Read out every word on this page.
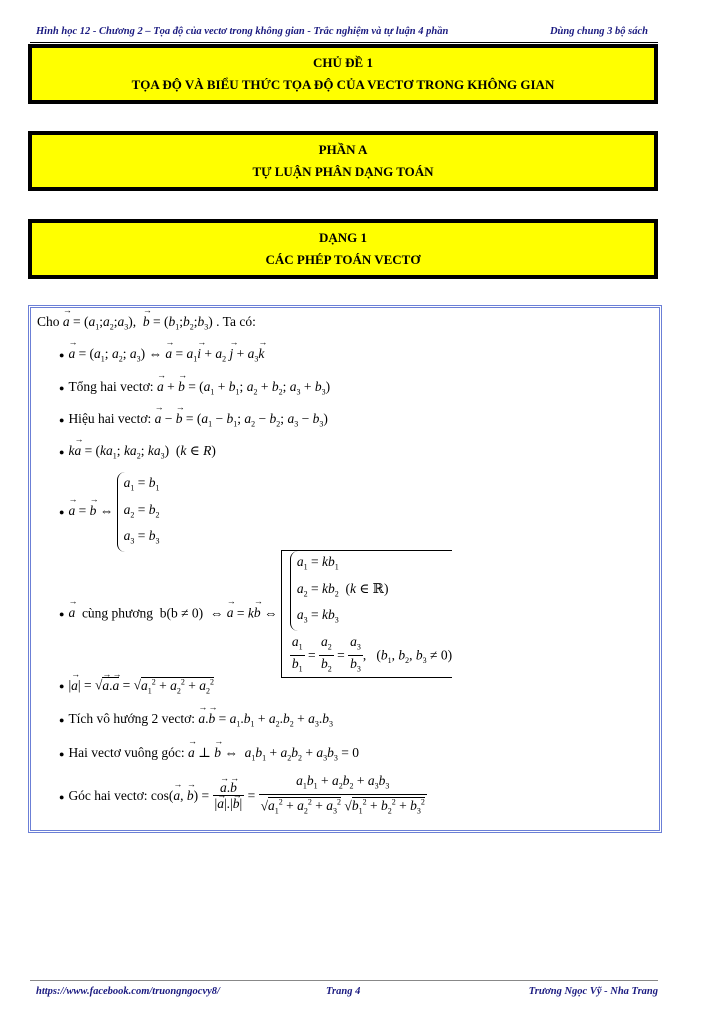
Hình học 12 - Chương 2 – Tọa độ của vectơ trong không gian - Trắc nghiệm và tự luận 4 phần	Dùng chung 3 bộ sách
CHỦ ĐỀ 1
TỌA ĐỘ VÀ BIỂU THỨC TỌA ĐỘ CỦA VECTƠ TRONG KHÔNG GIAN
PHẦN A
TỰ LUẬN PHÂN DẠNG TOÁN
DẠNG 1
CÁC PHÉP TOÁN VECTƠ
Cho → $a = (a_1;a_2;a_3)$,  → $b = (b_1;b_2;b_3)$ . Ta có:
● → $a = (a_1$; $a_2$; $a_3$) ⇔ → $a = a_1\to i + a_2 \to j + a_3\to k$
● Tổng hai vectơ: → a + → $b = (a_1 + b_1$; $a_2 + b_2$; $a_3 + b_3$)
● Hiệu hai vectơ: → a − → $b = (a_1 - b_1$; $a_2 - b_2$; $a_3 - b_3$)
● $k\to a = (ka_1$; $ka_2$; $ka_3$)  (k ∈ R)
● → a = → b ⇔
$a_1 = b_1$
$a_2 = b_2$
$a_3 = b_3$
● → a cùng phương  b(b ≠ 0)  ⇔ → a = k→ b ⇔
$a_1 = kb_1$
$a_2 = kb_2$  (k ∈ ℝ)
$a_3 = kb_3$
$\frac{a_1}{b_1} = \frac{a_2}{b_2} = \frac{a_3}{b_3}$ ,   ($b_1$, $b_2$, $b_3 \ne 0$)
● |→ a| = √→ $a.\to a = √a_1^2 + a_2^2 + a_2^2$
● Tích vô hướng 2 vectơ: → $a.\to b = a_1.b_1 + a_2.b_2 + a_3.b_3$
● Hai vectơ vuông góc: → a ⊥ → b ⇔  $a_1b_1 + a_2b_2 + a_3b_3 = 0$
● Góc hai vectơ: cos(→ a, → b) = → $\frac{a.\to b}{|\to a|.|\to b|} = \frac{a_1b_1 + a_2b_2 + a_3b_3}{√a_1^2 + a_2^2 + a_3^2 √b_1^2 + b_2^2 + b_3^2}$
https://www.facebook.com/truongngocvy8/	Trang 4	Trương Ngọc Vỹ - Nha Trang
